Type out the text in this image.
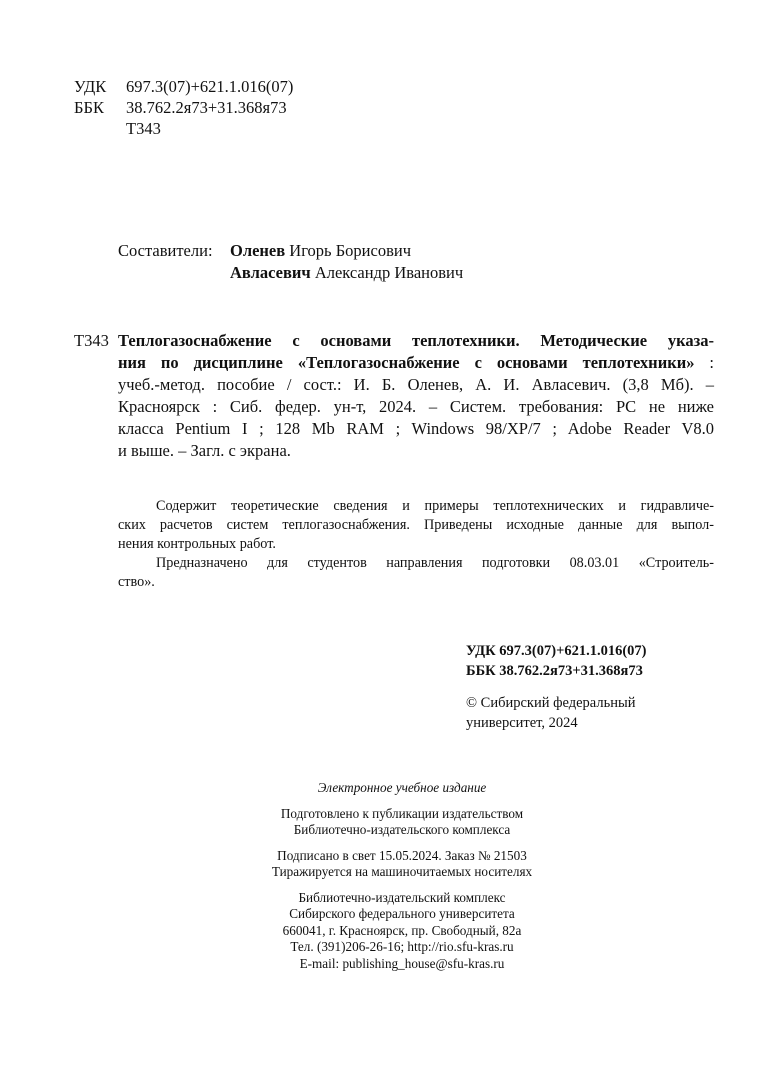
УДК 697.3(07)+621.1.016(07)
ББК 38.762.2я73+31.368я73
Т343
Составители: Оленев Игорь Борисович
Авласевич Александр Иванович
Т343 Теплогазоснабжение с основами теплотехники. Методические указа-
ния по дисциплине «Теплогазоснабжение с основами теплотехники» :
учеб.-метод. пособие / сост.: И. Б. Оленев, А. И. Авласевич. (3,8 Мб). –
Красноярск : Сиб. федер. ун-т, 2024. – Систем. требования: PC не ниже
класса Pentium I ; 128 Mb RAM ; Windows 98/XP/7 ; Adobe Reader V8.0
и выше. – Загл. с экрана.
Содержит теоретические сведения и примеры теплотехнических и гидравличе-
ских расчетов систем теплогазоснабжения. Приведены исходные данные для выпол-
нения контрольных работ.
Предназначено для студентов направления подготовки 08.03.01 «Строитель-
ство».
УДК 697.3(07)+621.1.016(07)
ББК 38.762.2я73+31.368я73
© Сибирский федеральный
университет, 2024
Электронное учебное издание
Подготовлено к публикации издательством
Библиотечно-издательского комплекса
Подписано в свет 15.05.2024. Заказ № 21503
Тиражируется на машиночитаемых носителях
Библиотечно-издательский комплекс
Сибирского федерального университета
660041, г. Красноярск, пр. Свободный, 82а
Тел. (391)206-26-16; http://rio.sfu-kras.ru
E-mail: publishing_house@sfu-kras.ru
